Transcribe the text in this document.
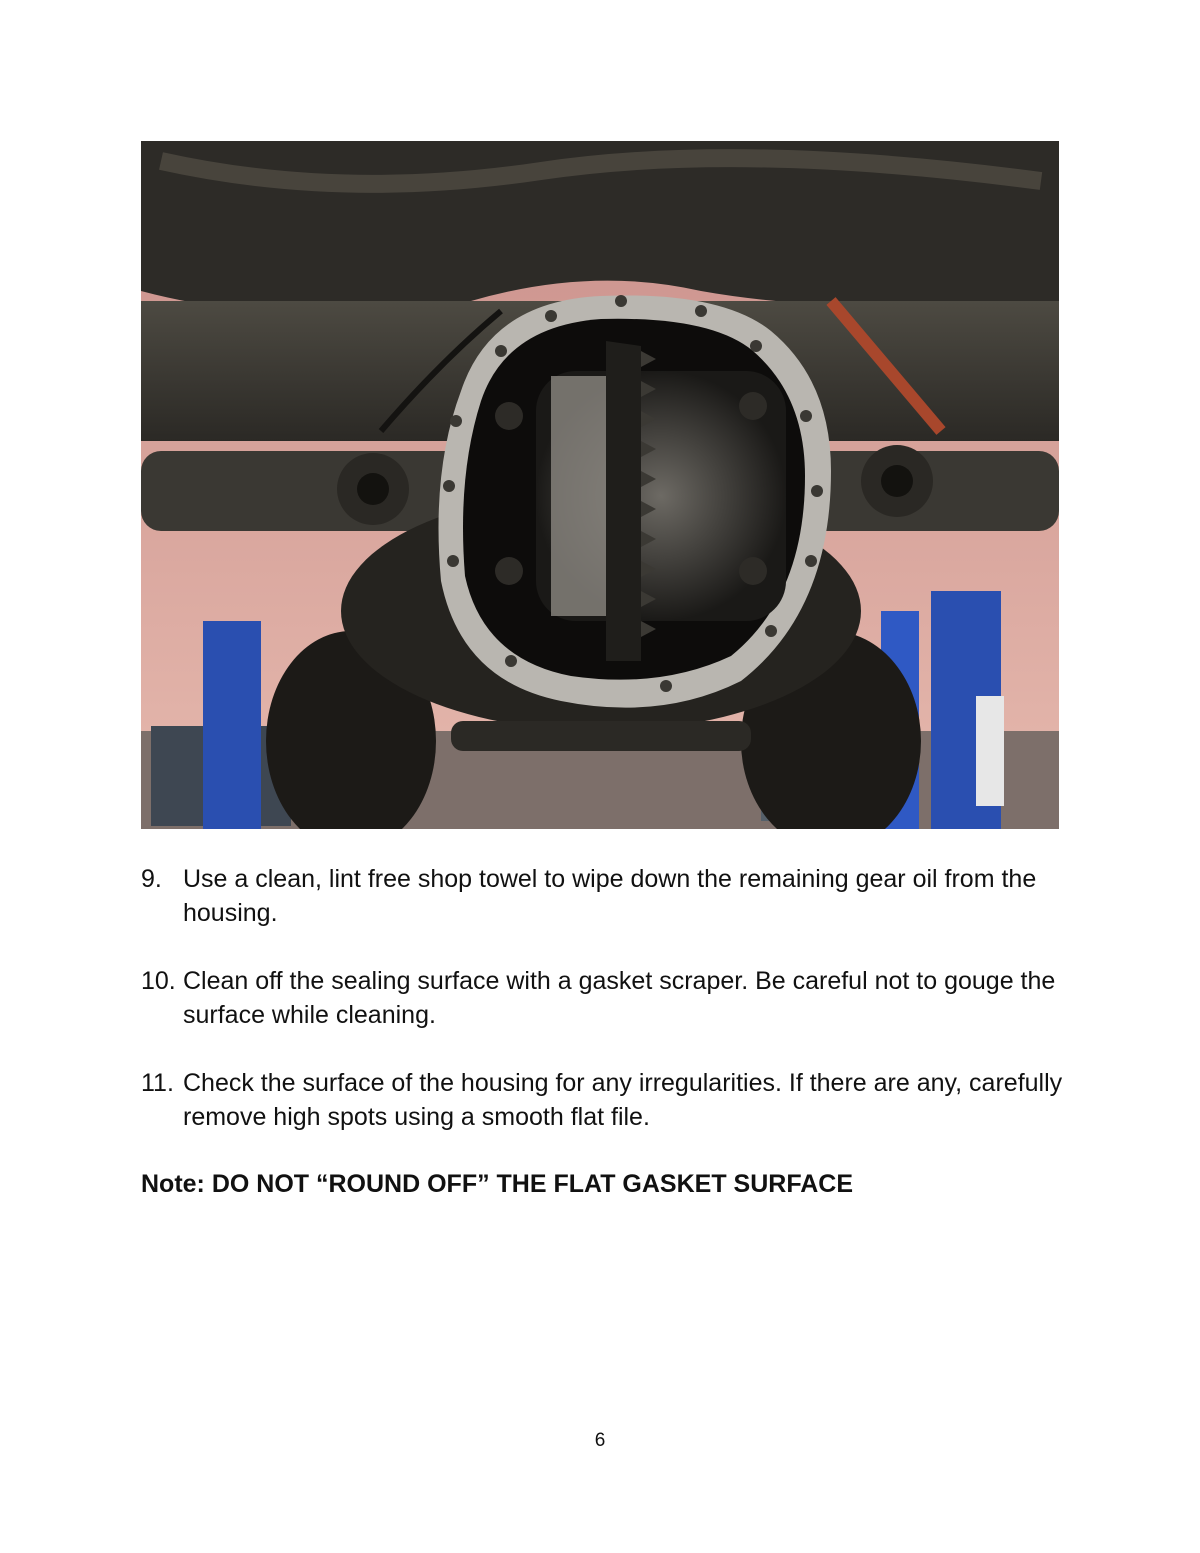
9. Use a clean, lint free shop towel to wipe down the remaining gear oil from the housing.
10. Clean off the sealing surface with a gasket scraper. Be careful not to gouge the surface while cleaning.
11. Check the surface of the housing for any irregularities. If there are any, carefully remove high spots using a smooth flat file.
Note: DO NOT “ROUND OFF” THE FLAT GASKET SURFACE
6
